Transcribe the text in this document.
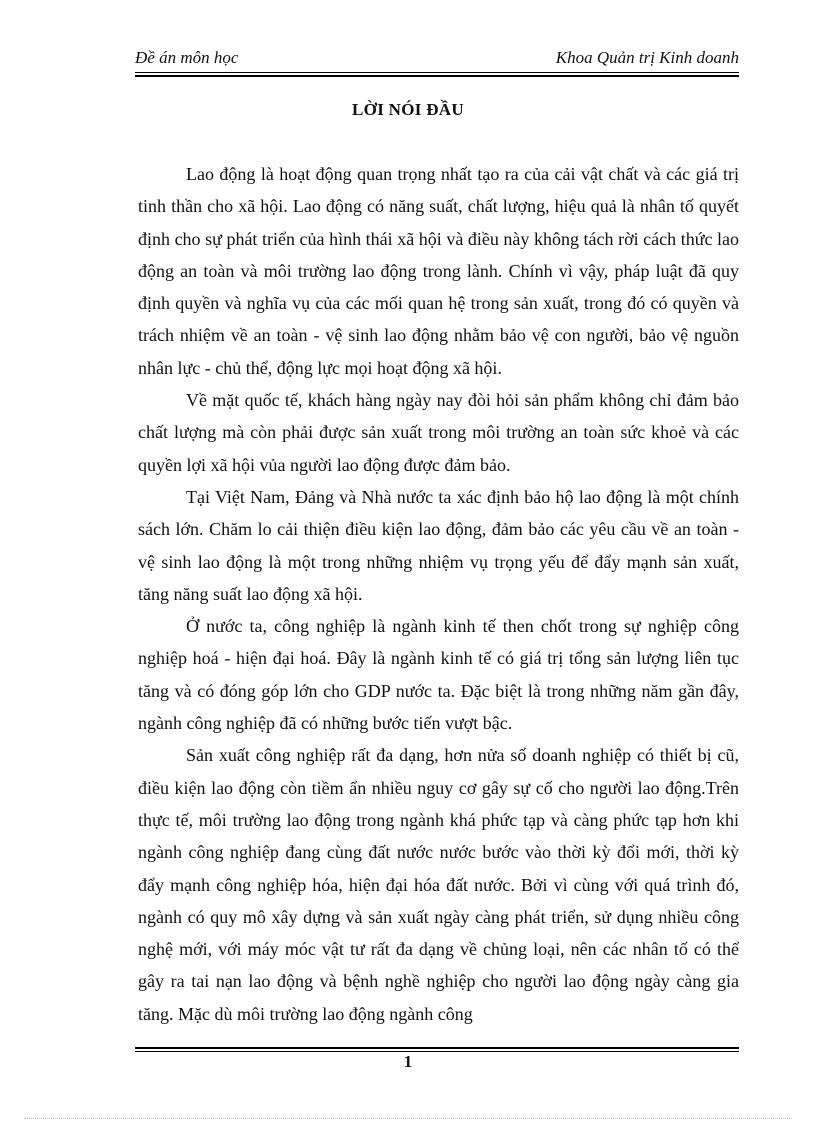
Đề án môn học	Khoa Quản trị Kinh doanh
LỜI NÓI ĐẦU

Lao động là hoạt động quan trọng nhất tạo ra của cải vật chất và các giá trị tinh thần cho xã hội. Lao động có năng suất, chất lượng, hiệu quả là nhân tố quyết định cho sự phát triển của hình thái xã hội và điều này không tách rời cách thức lao động an toàn và môi trường lao động trong lành. Chính vì vậy, pháp luật đã quy định quyền và nghĩa vụ của các mối quan hệ trong sản xuất, trong đó có quyền và trách nhiệm về an toàn - vệ sinh lao động nhằm bảo vệ con người, bảo vệ nguồn nhân lực - chủ thể, động lực mọi hoạt động xã hội.

Về mặt quốc tế, khách hàng ngày nay đòi hỏi sản phẩm không chỉ đảm bảo chất lượng mà còn phải được sản xuất trong môi trường an toàn sức khoẻ và các quyền lợi xã hội vủa người lao động được đảm bảo.

Tại Việt Nam, Đảng và Nhà nước ta xác định bảo hộ lao động là một chính sách lớn. Chăm lo cải thiện điều kiện lao động, đảm bảo các yêu cầu về an toàn - vệ sinh lao động là một trong những nhiệm vụ trọng yếu để đẩy mạnh sản xuất, tăng năng suất lao động xã hội.

Ở nước ta, công nghiệp là ngành kinh tế then chốt trong sự nghiệp công nghiệp hoá - hiện đại hoá. Đây là ngành kinh tế có giá trị tổng sản lượng liên tục tăng và có đóng góp lớn cho GDP nước ta. Đặc biệt là trong những năm gần đây, ngành công nghiệp đã có những bước tiến vượt bậc.

Sản xuất công nghiệp rất đa dạng, hơn nửa số doanh nghiệp có thiết bị cũ, điều kiện lao động còn tiềm ẩn nhiều nguy cơ gây sự cố cho người lao động.Trên thực tế, môi trường lao động trong ngành khá phức tạp và càng phức tạp hơn khi ngành công nghiệp đang cùng đất nước nước bước vào thời kỳ đổi mới, thời kỳ đẩy mạnh công nghiệp hóa, hiện đại hóa đất nước. Bởi vì cùng với quá trình đó, ngành có quy mô xây dựng và sản xuất ngày càng phát triển, sử dụng nhiều công nghệ mới, với máy móc vật tư rất đa dạng về chủng loại, nên các nhân tố có thể gây ra tai nạn lao động và bệnh nghề nghiệp cho người lao động ngày càng gia tăng. Mặc dù môi trường lao động ngành công

1
